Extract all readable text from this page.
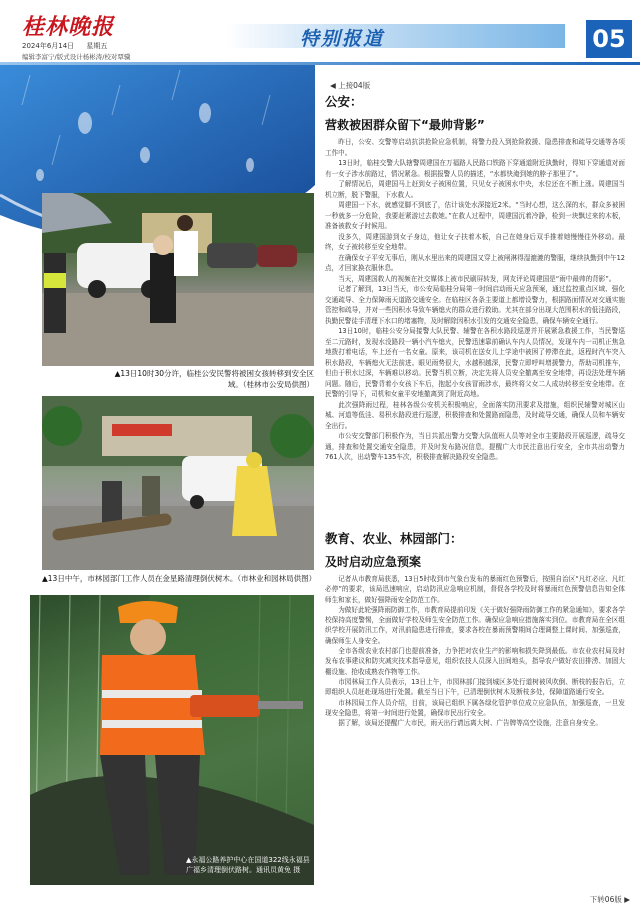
桂林晚报
2024年6月14日 星期五
编辑李富宁/版式设计杨彬涛/校对覃骥
特别报道	05
◀ 上接04版
▲13日10时30分许，临桂公安民警将被困女孩转移到安全区域。（桂林市公安局供图）
▲13日中午，市林园部门工作人员在金星路清理倒伏树木。（市林业和园林局供图）
▲永福公路养护中心在国道322线永福县广福乡清理倒伏路树。通讯员黄免 摄
公安：
营救被困群众留下“最帅背影”

昨日，公安、交警等启动抗洪抢险应急机制，将警力投入到抢险救援、隐患排查和疏导交通等各项工作中。

13日时，临桂交警大队辖警周建国在万福路人民路口铁路下穿通道附近执勤时，得知下穿通道对面有一女子涉水前路过，情况紧急。根据报警人员的描述，“水都快淹到她的脖子那里了”。

了解情况后，周建国马上赶到女子被困位置，只见女子被困水中央，水位还在不断上涨。周建国当机立断，脱下警服，下水救人。

周建国一下水，就感觉脚不到底了，估计该处水深接近2米。“当时心想，这么深的水，群众多被困一秒就多一分危险，我要赶紧游过去救她。”在救人过程中，周建国沉着冷静，检到一块飘过来的木板，准备被救女子时候用。

没多久，周建国游到女子身边，他让女子扶着木板，自己在她身后双手推着她慢慢往外移动。最终，女子被转移至安全地带。

在确保女子平安无事后，刚从水里出来的周建国又穿上被闸淋得湿漉漉的警服，继续执勤到中午12点，才回家换衣服休息。

当天，周建国救人的视频在社交媒体上被市民刷屏转发，网友评论周建国是“雨中最帅的背影”。

记者了解到，13日当天，市公安局临桂分局第一时间启动雨天应急预案，通过监控重点区域、强化交通疏导、全力保障雨天道路交通安全。在临桂区各条主要道上都增设警力，根据路面情况对交通实施管控和疏导，并对一些因积水导致车辆熄火的群众进行救助。尤其在部分出现大范围积水的低洼路段，执勤民警徒手清理下水口的堵塞物，及时解除因积水引发的交通安全隐患，确保车辆安全通行。

13日10时，临桂公安分局接警大队民警、辅警在各积水路段巡逻并开展紧急救援工作，当民警巡至二元路时，发现水没路段一辆小汽车熄火，民警迅速靠前确认车内人员情况，发现车内一司机正焦急地拨打着电话，车上还有一名女童。原来，该司机在送女儿上学途中被困了停滞在此，返程时汽车突入积水路段，车辆熄火无法前进。眼见雨势很大，水越积越深，民警立即呼叫增援警力，帮助司机推车，但由于积水过深，车辆难以移动。民警当机立断，决定先将人员安全撤离至安全地带，再设法处理车辆问题。随后，民警背着小女孩下车后，抱起小女孩冒雨涉水，最终将父女二人成功转移至安全地带。在民警的引导下，司机和女童平安地撤离到了附近高地。

此次强降雨过程，桂林各级公安机关积极响应，全面落实防汛要求及措施，组织民辅警对城区山城、河道等低洼、易积水路段进行巡逻，积极排查和处置路面隐患，及时疏导交通，确保人员和车辆安全出行。

市公安交警部门积极作为，当日共派出警力交警大队值班人员等对全市主要路段开展巡逻，疏导交通，排查和处置交通安全隐患，并及时发布路况信息，提醒广大市民注意出行安全，全市共出动警力761人次，出动警车135车次，积极排查解决路段安全隐患。

教育、农业、林园部门：
及时启动应急预案

记者从市教育局获悉，13日5时收到市气象台发布的暴雨红色预警后，按照自治区“凡红必应、凡红必停”的要求，该局迅速响应，启动防汛应急响应机制，督促各学校及时将暴雨红色预警信息告知全体师生和家长，做好强降雨安全防范工作。

为做好此轮强降雨防御工作，市教育局提前印发《关于做好强降雨防御工作的紧急通知》，要求各学校保持高度警惕，全面做好学校及师生安全防范工作。确保应急响应措施落实到位。市教育局在全区组织学校开展防汛工作，对汛前隐患进行排查，要求各校在暴雨预警期间合理调整上课时间、加强巡查，确保师生人身安全。

全市各级农业农村部门也提前准备，力争把对农业生产的影响和损失降到最低。市农业农村局及时发布农事建议和防灾减灾技术指导意见，组织农技人员深入田间地头，指导农户做好农田排涝、加固大棚设施、抢收成熟农作物等工作。

市园林局工作人员表示，13日上午，市园林部门接到城区多处行道树被风吹倒、断枝的报告后，立即组织人员赶赴现场进行处置。截至当日下午，已清理倒伏树木及断枝多处，保障道路通行安全。

市林园局工作人员介绍，目前，该局已组织下属各绿化管护单位成立应急队伍，加强巡查，一旦发现安全隐患，将第一时间进行处置，确保市民出行安全。

据了解，该局还提醒广大市民，雨天出行请远离大树、广告牌等高空设施，注意自身安全。

下转06版 ▶
